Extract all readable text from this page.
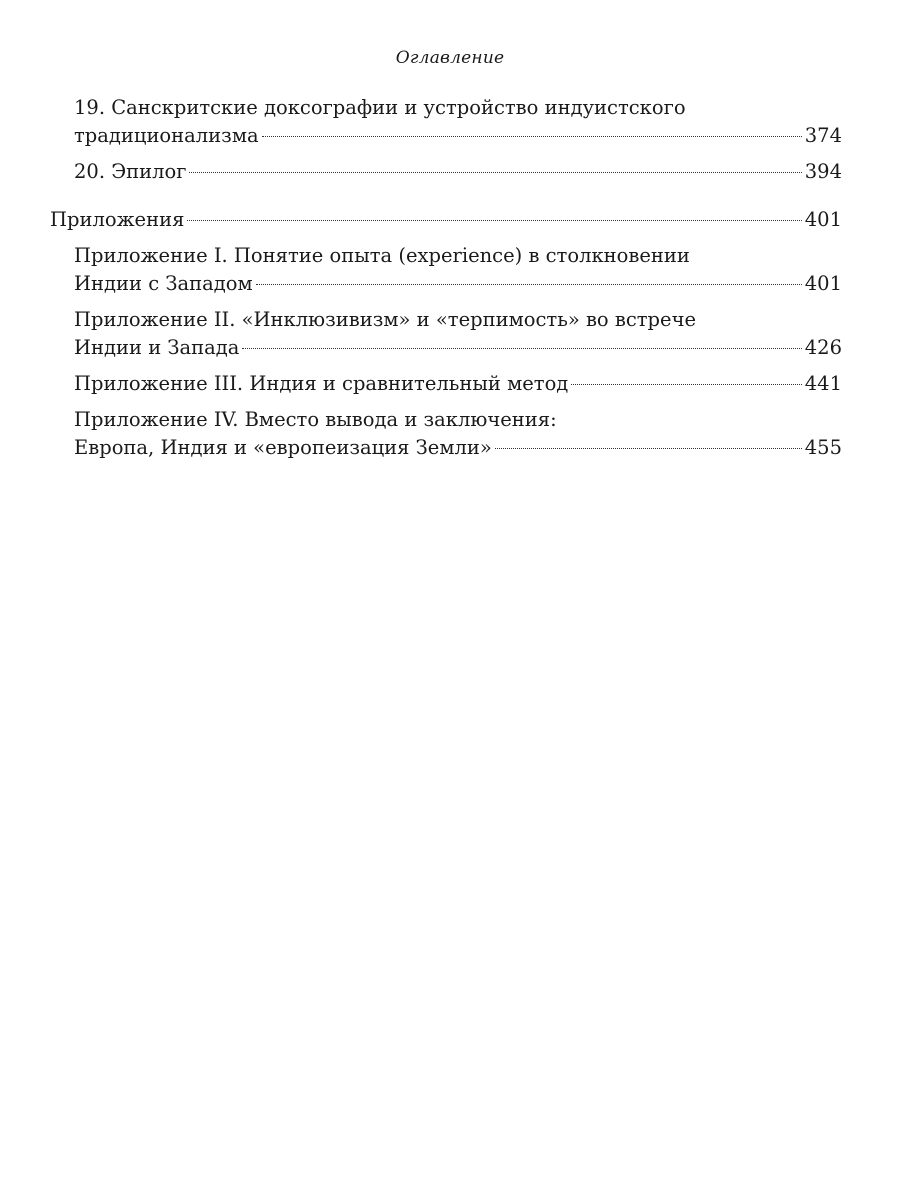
Оглавление
19. Санскритские доксографии и устройство индуистского
традиционализма	374
20. Эпилог	394
Приложения	401
Приложение I. Понятие опыта (experience) в столкновении
Индии с Западом	401
Приложение II. «Инклюзивизм» и «терпимость» во встрече
Индии и Запада	426
Приложение III. Индия и сравнительный метод	441
Приложение IV. Вместо вывода и заключения:
Европа, Индия и «европеизация Земли»	455
